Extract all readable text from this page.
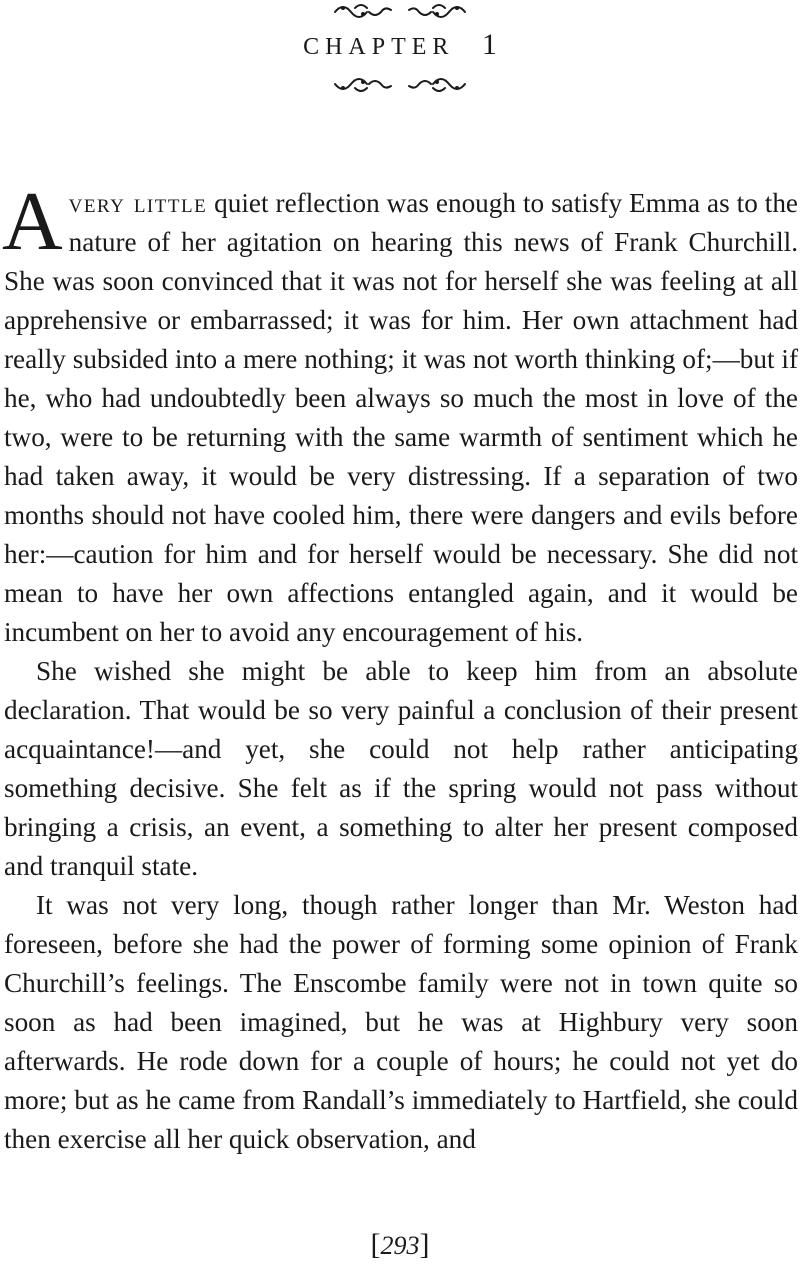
CHAPTER 1

Avery little quiet reflection was enough to satisfy Emma as to the nature of her agitation on hearing this news of Frank Churchill. She was soon convinced that it was not for herself she was feeling at all apprehensive or embarrassed; it was for him. Her own attachment had really subsided into a mere nothing; it was not worth thinking of;—but if he, who had undoubtedly been always so much the most in love of the two, were to be returning with the same warmth of sentiment which he had taken away, it would be very distressing. If a separation of two months should not have cooled him, there were dangers and evils before her:—caution for him and for herself would be necessary. She did not mean to have her own affections entangled again, and it would be incumbent on her to avoid any encouragement of his.

She wished she might be able to keep him from an absolute declaration. That would be so very painful a conclusion of their present acquaintance!—and yet, she could not help rather anticipating something decisive. She felt as if the spring would not pass without bringing a crisis, an event, a something to alter her present composed and tranquil state.

It was not very long, though rather longer than Mr. Weston had foreseen, before she had the power of forming some opinion of Frank Churchill’s feelings. The Enscombe family were not in town quite so soon as had been imagined, but he was at Highbury very soon afterwards. He rode down for a couple of hours; he could not yet do more; but as he came from Randall’s immediately to Hartfield, she could then exercise all her quick observation, and

[293]
